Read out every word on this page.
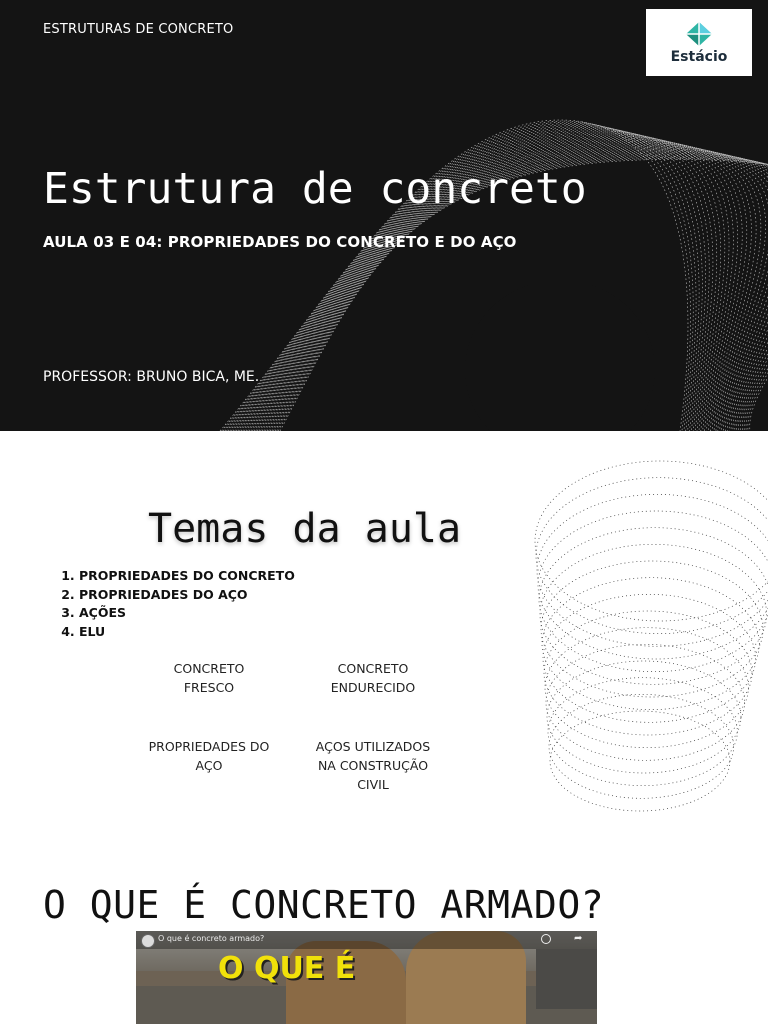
ESTRUTURAS DE CONCRETO
Estácio
Estrutura de concreto
AULA 03 E 04: PROPRIEDADES DO CONCRETO E DO AÇO
PROFESSOR: BRUNO BICA, ME.
Temas da aula
1. PROPRIEDADES DO CONCRETO
2. PROPRIEDADES DO AÇO
3. AÇÕES
4. ELU
CONCRETO
FRESCO
CONCRETO
ENDURECIDO
PROPRIEDADES DO
AÇO
AÇOS UTILIZADOS
NA CONSTRUÇÃO
CIVIL
O QUE É CONCRETO ARMADO?
O que é concreto armado?	➦
O QUE É
